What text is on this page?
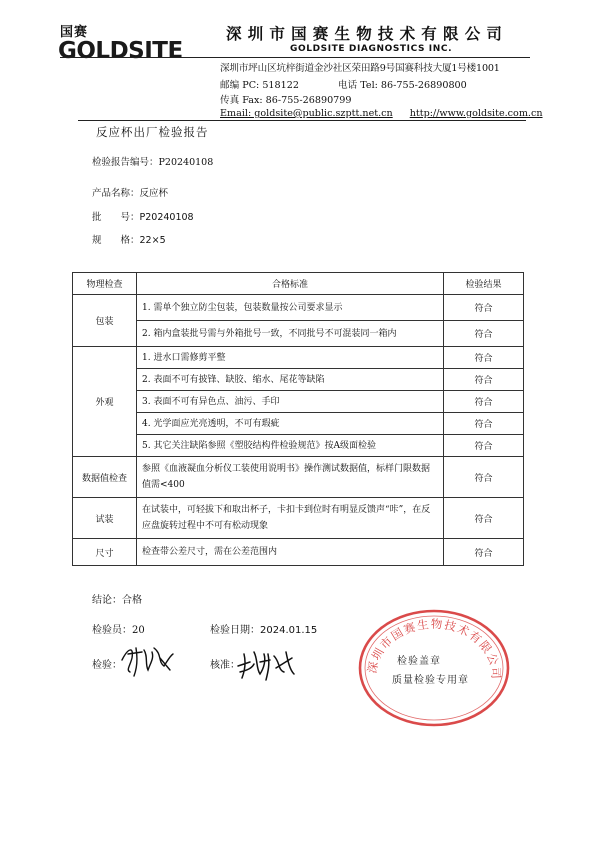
国赛
GOLDSITE
深圳市国赛生物技术有限公司
GOLDSITE DIAGNOSTICS INC.
深圳市坪山区坑梓街道金沙社区荣田路9号国赛科技大厦1号楼1001
邮编 PC: 518122	电话 Tel: 86-755-26890800
传真 Fax: 86-755-26890799
Email: goldsite@public.szptt.net.cn http://www.goldsite.com.cn
反应杯出厂检验报告
检验报告编号：P20240108
产品名称：反应杯
批　　号：P20240108
规　　格：22×5
物理检查	合格标准	检验结果
包装	1. 需单个独立防尘包装，包装数量按公司要求显示	符合
	2. 箱内盒装批号需与外箱批号一致，不同批号不可混装同一箱内	符合
外观	1. 进水口需修剪平整	符合
	2. 表面不可有披锋、缺胶、缩水、尾花等缺陷	符合
	3. 表面不可有异色点、油污、手印	符合
	4. 光学面应光亮透明，不可有瑕疵	符合
	5. 其它关注缺陷参照《塑胶结构件检验规范》按A级面检验	符合
数据值检查	参照《血液凝血分析仪工装使用说明书》操作测试数据值，标样门限数据值需<400	符合
试装	在试装中，可轻拔下和取出杯子，卡扣卡到位时有明显反馈声“咔”，在反应盘旋转过程中不可有松动现象	符合
尺寸	检查带公差尺寸，需在公差范围内	符合
结论：合格
检验员：20	检验日期：2024.01.15
检验：	核准：	深圳市国赛生物技术有限公司
检验盖章
质量检验专用章
